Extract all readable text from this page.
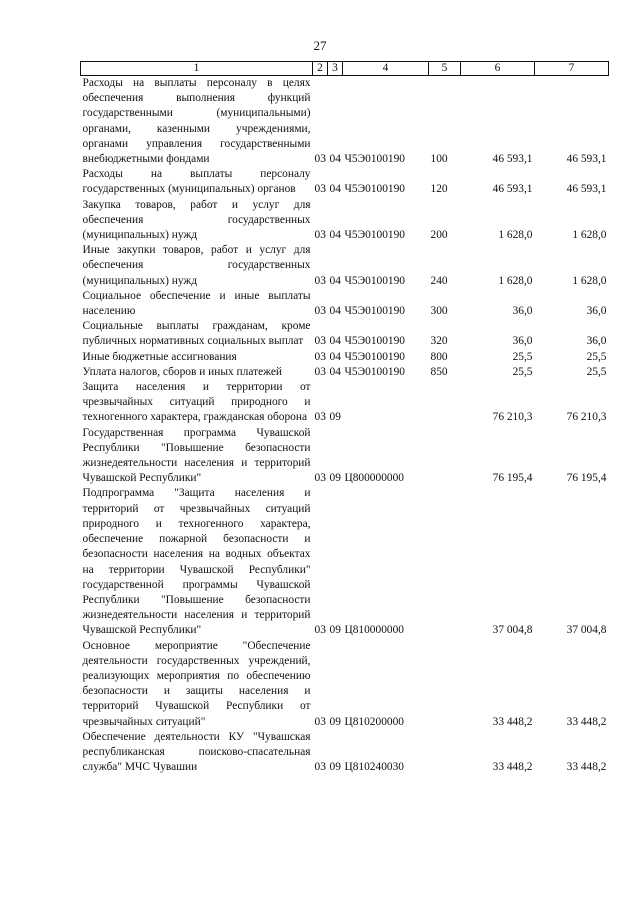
27
1	2	3	4	5	6	7
Расходы на выплаты персоналу в целях обеспечения выполнения функций государственными (муниципальными) органами, казенными учреждениями, органами управления государственными внебюджетными фондами	03	04	Ч5Э0100190	100	46 593,1	46 593,1
Расходы на выплаты персоналу государственных (муниципальных) органов	03	04	Ч5Э0100190	120	46 593,1	46 593,1
Закупка товаров, работ и услуг для обеспечения государственных (муниципальных) нужд	03	04	Ч5Э0100190	200	1 628,0	1 628,0
Иные закупки товаров, работ и услуг для обеспечения государственных (муниципальных) нужд	03	04	Ч5Э0100190	240	1 628,0	1 628,0
Социальное обеспечение и иные выплаты населению	03	04	Ч5Э0100190	300	36,0	36,0
Социальные выплаты гражданам, кроме публичных нормативных социальных выплат	03	04	Ч5Э0100190	320	36,0	36,0
Иные бюджетные ассигнования	03	04	Ч5Э0100190	800	25,5	25,5
Уплата налогов, сборов и иных платежей	03	04	Ч5Э0100190	850	25,5	25,5
Защита населения и территории от чрезвычайных ситуаций природного и техногенного характера, гражданская оборона	03	09			76 210,3	76 210,3
Государственная программа Чувашской Республики "Повышение безопасности жизнедеятельности населения и территорий Чувашской Республики"	03	09	Ц800000000		76 195,4	76 195,4
Подпрограмма "Защита населения и территорий от чрезвычайных ситуаций природного и техногенного характера, обеспечение пожарной безопасности и безопасности населения на водных объектах на территории Чувашской Республики" государственной программы Чувашской Республики "Повышение безопасности жизнедеятельности населения и территорий Чувашской Республики"	03	09	Ц810000000		37 004,8	37 004,8
Основное мероприятие "Обеспечение деятельности государственных учреждений, реализующих мероприятия по обеспечению безопасности и защиты населения и территорий Чувашской Республики от чрезвычайных ситуаций"	03	09	Ц810200000		33 448,2	33 448,2
Обеспечение деятельности КУ "Чувашская республиканская поисково-спасательная служба" МЧС Чувашии	03	09	Ц810240030		33 448,2	33 448,2
